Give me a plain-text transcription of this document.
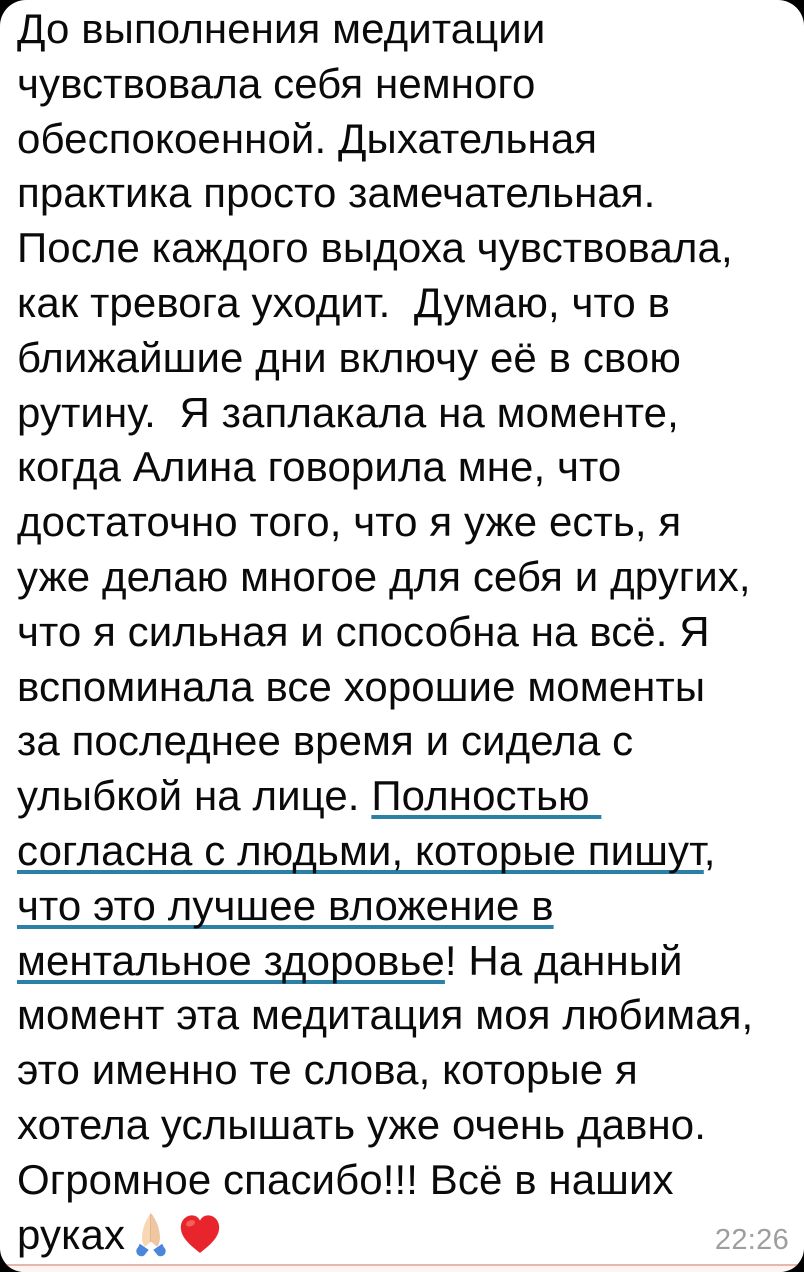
До выполнения медитации
чувствовала себя немного
обеспокоенной. Дыхательная
практика просто замечательная.
После каждого выдоха чувствовала,
как тревога уходит.  Думаю, что в
ближайшие дни включу её в свою
рутину.  Я заплакала на моменте,
когда Алина говорила мне, что
достаточно того, что я уже есть, я
уже делаю многое для себя и других,
что я сильная и способна на всё. Я
вспоминала все хорошие моменты
за последнее время и сидела с
улыбкой на лице. Полностью
согласна с людьми, которые пишут,
что это лучшее вложение в
ментальное здоровье! На данный
момент эта медитация моя любимая,
это именно те слова, которые я
хотела услышать уже очень давно.
Огромное спасибо!!! Всё в наших
руках	22:26
